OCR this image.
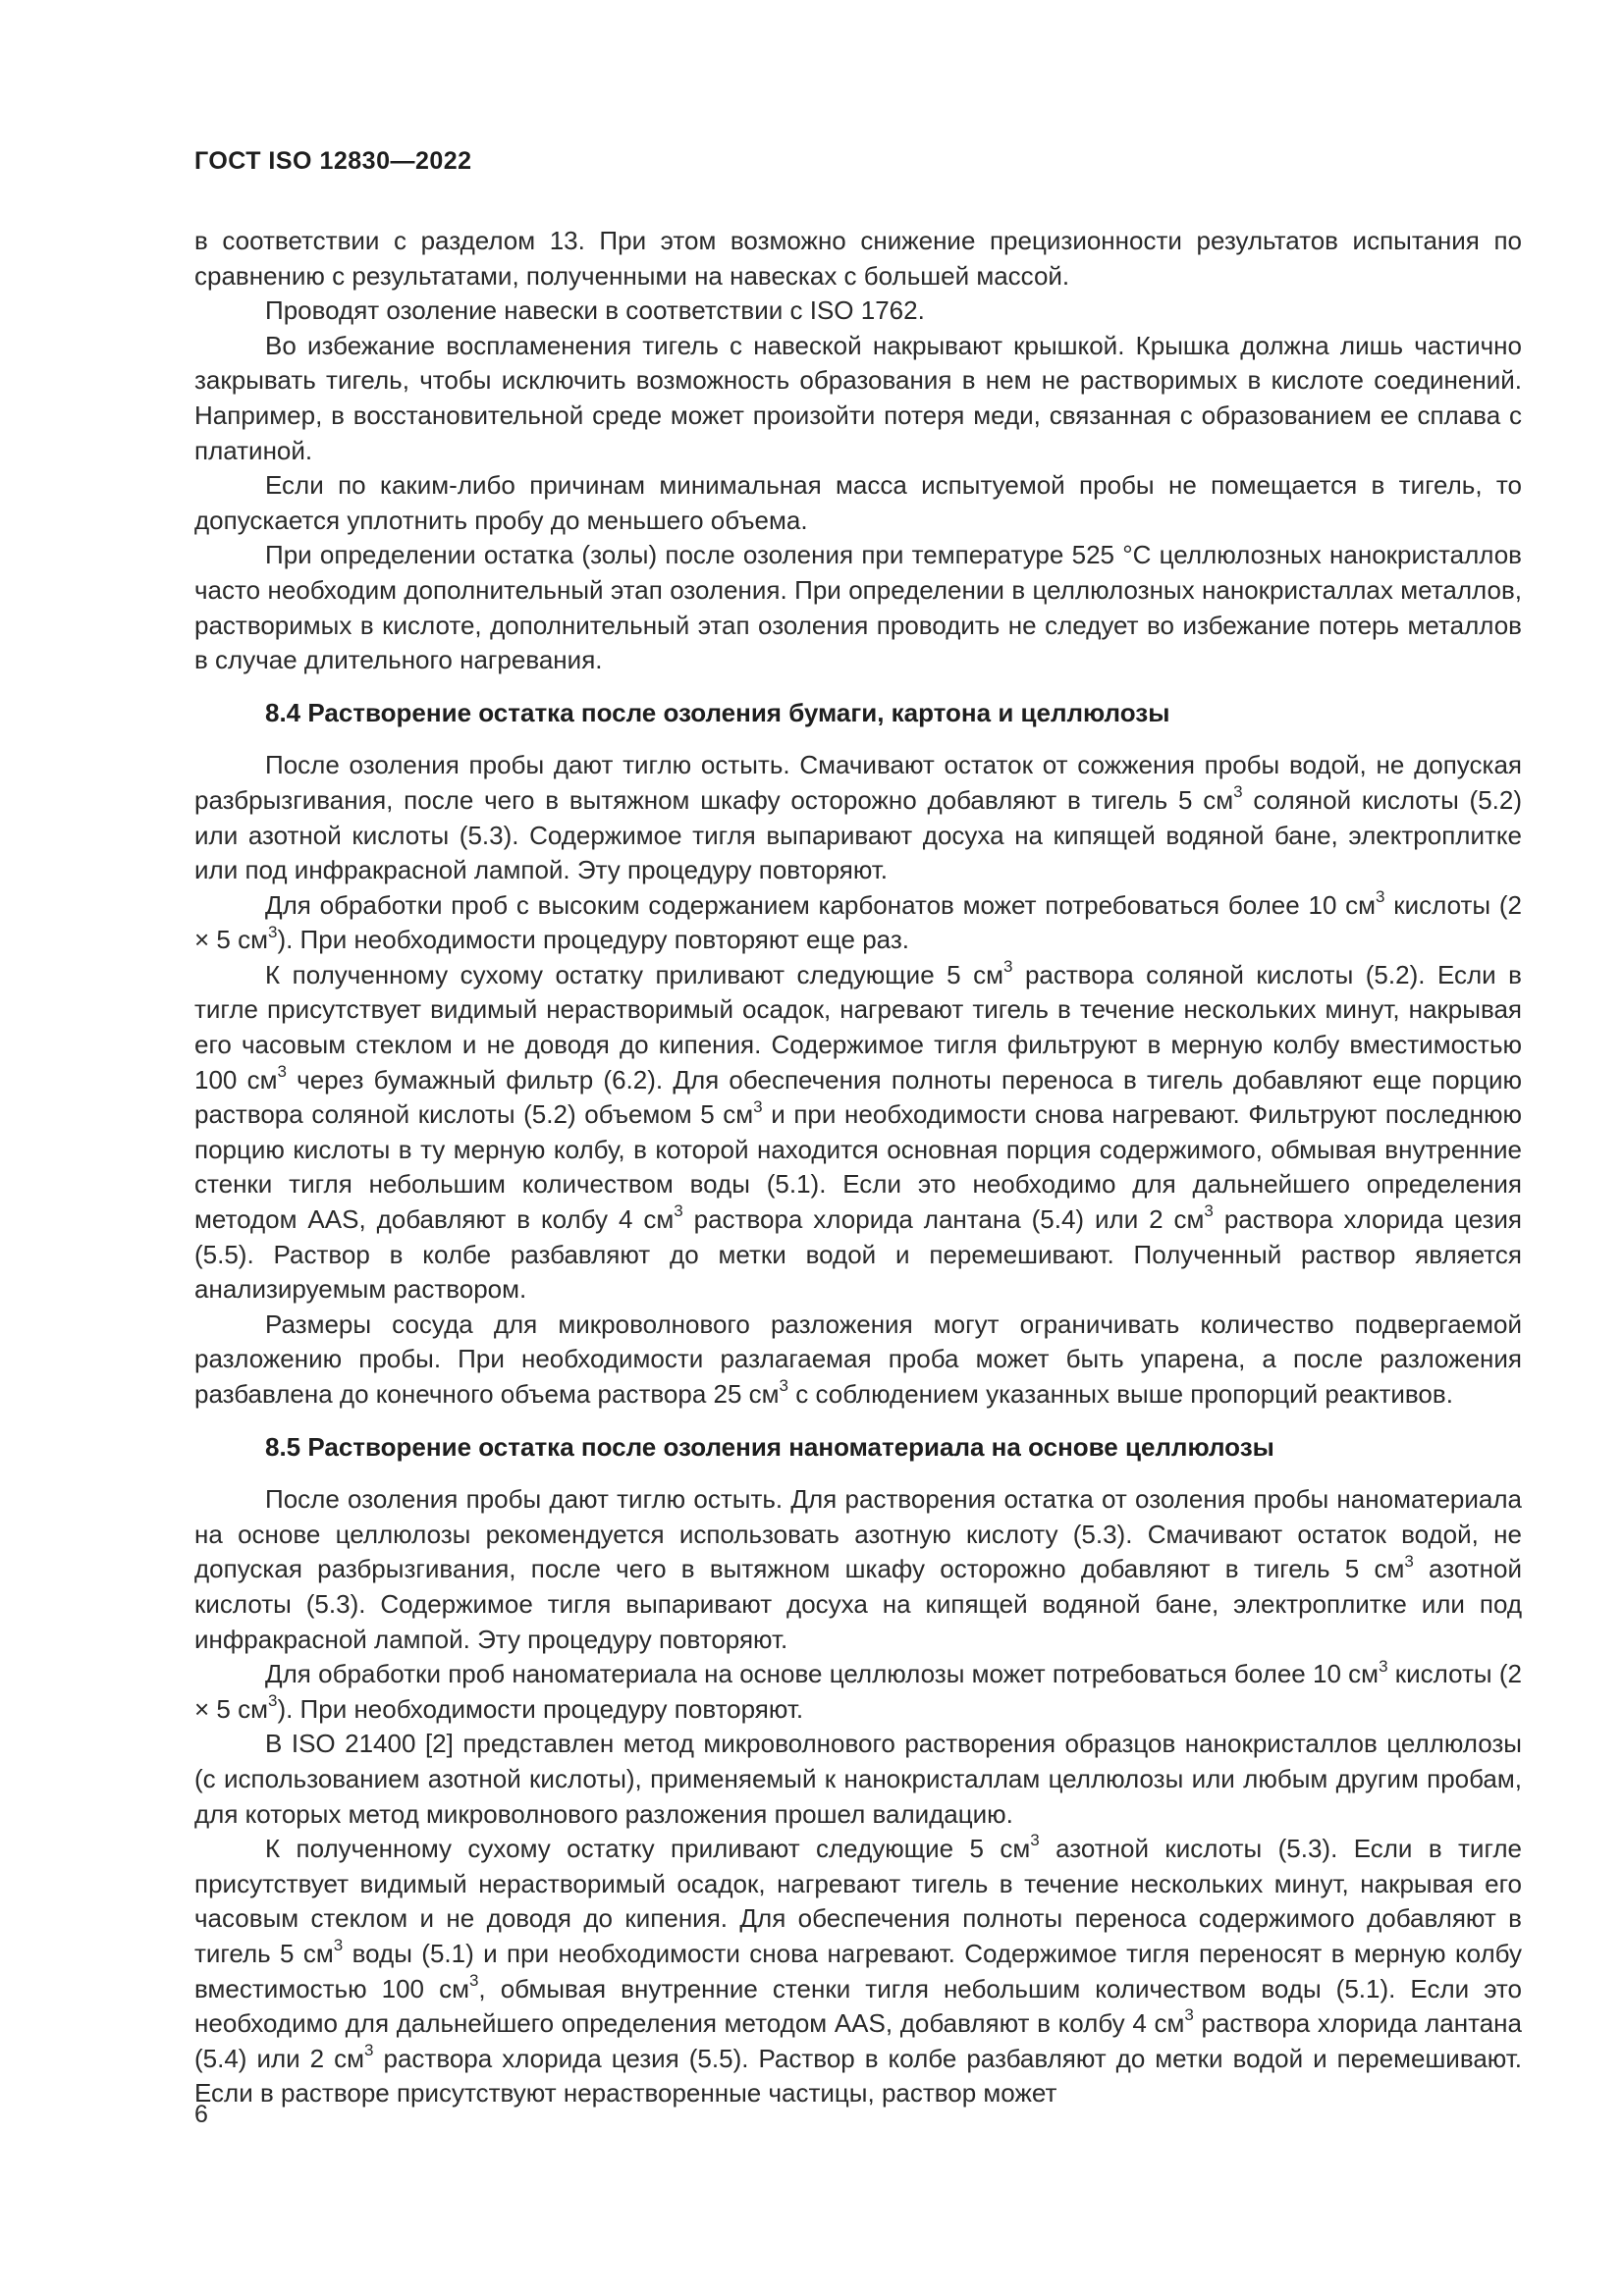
ГОСТ ISO 12830—2022

в соответствии с разделом 13. При этом возможно снижение прецизионности результатов испытания по сравнению с результатами, полученными на навесках с большей массой.

Проводят озоление навески в соответствии с ISO 1762.

Во избежание воспламенения тигель с навеской накрывают крышкой. Крышка должна лишь частично закрывать тигель, чтобы исключить возможность образования в нем не растворимых в кислоте соединений. Например, в восстановительной среде может произойти потеря меди, связанная с образованием ее сплава с платиной.

Если по каким-либо причинам минимальная масса испытуемой пробы не помещается в тигель, то допускается уплотнить пробу до меньшего объема.

При определении остатка (золы) после озоления при температуре 525 °С целлюлозных нанокристаллов часто необходим дополнительный этап озоления. При определении в целлюлозных нанокристаллах металлов, растворимых в кислоте, дополнительный этап озоления проводить не следует во избежание потерь металлов в случае длительного нагревания.

8.4 Растворение остатка после озоления бумаги, картона и целлюлозы

После озоления пробы дают тиглю остыть. Смачивают остаток от сожжения пробы водой, не допуская разбрызгивания, после чего в вытяжном шкафу осторожно добавляют в тигель 5 $см^3$ соляной кислоты (5.2) или азотной кислоты (5.3). Содержимое тигля выпаривают досуха на кипящей водяной бане, электроплитке или под инфракрасной лампой. Эту процедуру повторяют.

Для обработки проб с высоким содержанием карбонатов может потребоваться более 10 $см^3$ кислоты (2 × 5 $см^3$). При необходимости процедуру повторяют еще раз.

К полученному сухому остатку приливают следующие 5 $см^3$ раствора соляной кислоты (5.2). Если в тигле присутствует видимый нерастворимый осадок, нагревают тигель в течение нескольких минут, накрывая его часовым стеклом и не доводя до кипения. Содержимое тигля фильтруют в мерную колбу вместимостью 100 $см^3$ через бумажный фильтр (6.2). Для обеспечения полноты переноса в тигель добавляют еще порцию раствора соляной кислоты (5.2) объемом 5 $см^3$ и при необходимости снова нагревают. Фильтруют последнюю порцию кислоты в ту мерную колбу, в которой находится основная порция содержимого, обмывая внутренние стенки тигля небольшим количеством воды (5.1). Если это необходимо для дальнейшего определения методом AAS, добавляют в колбу 4 $см^3$ раствора хлорида лантана (5.4) или 2 $см^3$ раствора хлорида цезия (5.5). Раствор в колбе разбавляют до метки водой и перемешивают. Полученный раствор является анализируемым раствором.

Размеры сосуда для микроволнового разложения могут ограничивать количество подвергаемой разложению пробы. При необходимости разлагаемая проба может быть упарена, а после разложения разбавлена до конечного объема раствора 25 $см^3$ с соблюдением указанных выше пропорций реактивов.

8.5 Растворение остатка после озоления наноматериала на основе целлюлозы

После озоления пробы дают тиглю остыть. Для растворения остатка от озоления пробы наноматериала на основе целлюлозы рекомендуется использовать азотную кислоту (5.3). Смачивают остаток водой, не допуская разбрызгивания, после чего в вытяжном шкафу осторожно добавляют в тигель 5 $см^3$ азотной кислоты (5.3). Содержимое тигля выпаривают досуха на кипящей водяной бане, электроплитке или под инфракрасной лампой. Эту процедуру повторяют.

Для обработки проб наноматериала на основе целлюлозы может потребоваться более 10 $см^3$ кислоты (2 × 5 $см^3$). При необходимости процедуру повторяют.

В ISO 21400 [2] представлен метод микроволнового растворения образцов нанокристаллов целлюлозы (с использованием азотной кислоты), применяемый к нанокристаллам целлюлозы или любым другим пробам, для которых метод микроволнового разложения прошел валидацию.

К полученному сухому остатку приливают следующие 5 $см^3$ азотной кислоты (5.3). Если в тигле присутствует видимый нерастворимый осадок, нагревают тигель в течение нескольких минут, накрывая его часовым стеклом и не доводя до кипения. Для обеспечения полноты переноса содержимого добавляют в тигель 5 $см^3$ воды (5.1) и при необходимости снова нагревают. Содержимое тигля переносят в мерную колбу вместимостью 100 $см^3$, обмывая внутренние стенки тигля небольшим количеством воды (5.1). Если это необходимо для дальнейшего определения методом AAS, добавляют в колбу 4 $см^3$ раствора хлорида лантана (5.4) или 2 $см^3$ раствора хлорида цезия (5.5). Раствор в колбе разбавляют до метки водой и перемешивают. Если в растворе присутствуют нерастворенные частицы, раствор может

6
